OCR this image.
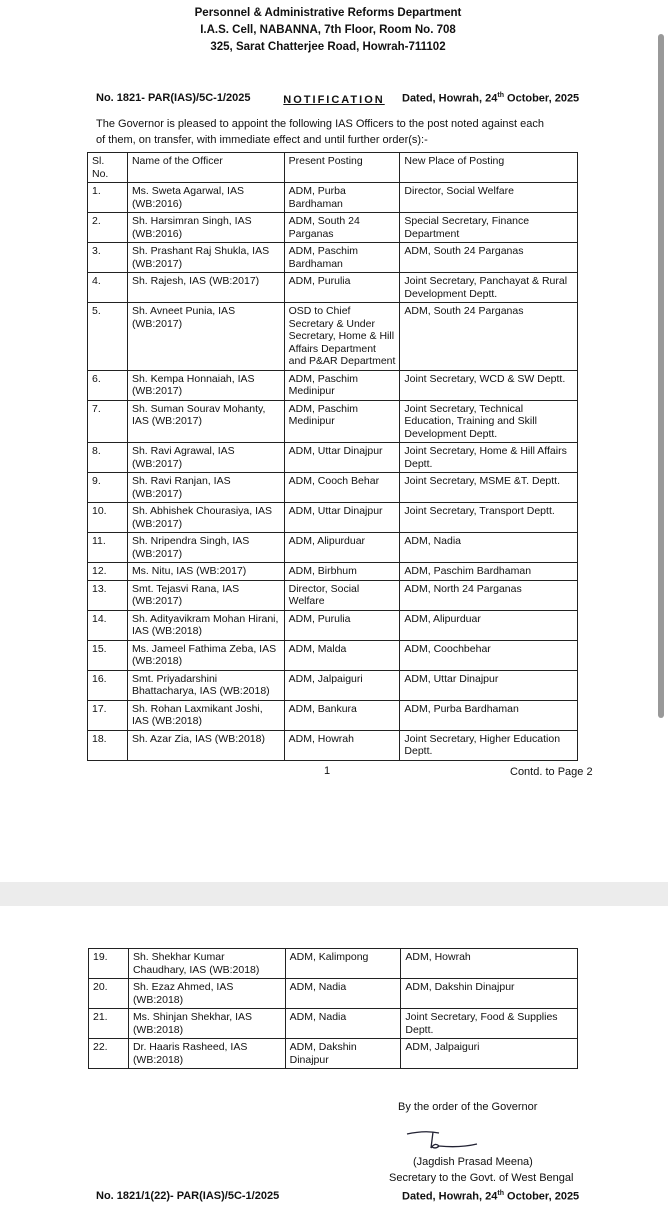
Personnel & Administrative Reforms Department
I.A.S. Cell, NABANNA, 7th Floor, Room No. 708
325, Sarat Chatterjee Road, Howrah-711102
No. 1821- PAR(IAS)/5C-1/2025	Dated, Howrah, 24th October, 2025
NOTIFICATION
The Governor is pleased to appoint the following IAS Officers to the post noted against each of them, on transfer, with immediate effect and until further order(s):-
Sl. No.	Name of the Officer	Present Posting	New Place of Posting
1.	Ms. Sweta Agarwal, IAS (WB:2016)	ADM, Purba Bardhaman	Director, Social Welfare
2.	Sh. Harsimran Singh, IAS (WB:2016)	ADM, South 24 Parganas	Special Secretary, Finance Department
3.	Sh. Prashant Raj Shukla, IAS (WB:2017)	ADM, Paschim Bardhaman	ADM, South 24 Parganas
4.	Sh. Rajesh, IAS (WB:2017)	ADM, Purulia	Joint Secretary, Panchayat & Rural Development Deptt.
5.	Sh. Avneet Punia, IAS (WB:2017)	OSD to Chief Secretary & Under Secretary, Home & Hill Affairs Department and P&AR Department	ADM, South 24 Parganas
6.	Sh. Kempa Honnaiah, IAS (WB:2017)	ADM, Paschim Medinipur	Joint Secretary, WCD & SW Deptt.
7.	Sh. Suman Sourav Mohanty, IAS (WB:2017)	ADM, Paschim Medinipur	Joint Secretary, Technical Education, Training and Skill Development Deptt.
8.	Sh. Ravi Agrawal, IAS (WB:2017)	ADM, Uttar Dinajpur	Joint Secretary, Home & Hill Affairs Deptt.
9.	Sh. Ravi Ranjan, IAS (WB:2017)	ADM, Cooch Behar	Joint Secretary, MSME &T. Deptt.
10.	Sh. Abhishek Chourasiya, IAS (WB:2017)	ADM, Uttar Dinajpur	Joint Secretary, Transport Deptt.
11.	Sh. Nripendra Singh, IAS (WB:2017)	ADM, Alipurduar	ADM, Nadia
12.	Ms. Nitu, IAS (WB:2017)	ADM, Birbhum	ADM, Paschim Bardhaman
13.	Smt. Tejasvi Rana, IAS (WB:2017)	Director, Social Welfare	ADM, North 24 Parganas
14.	Sh. Adityavikram Mohan Hirani, IAS (WB:2018)	ADM, Purulia	ADM, Alipurduar
15.	Ms. Jameel Fathima Zeba, IAS (WB:2018)	ADM, Malda	ADM, Coochbehar
16.	Smt. Priyadarshini Bhattacharya, IAS (WB:2018)	ADM, Jalpaiguri	ADM, Uttar Dinajpur
17.	Sh. Rohan Laxmikant Joshi, IAS (WB:2018)	ADM, Bankura	ADM, Purba Bardhaman
18.	Sh. Azar Zia, IAS (WB:2018)	ADM, Howrah	Joint Secretary, Higher Education Deptt.
1	Contd. to Page 2
19.	Sh. Shekhar Kumar Chaudhary, IAS (WB:2018)	ADM, Kalimpong	ADM, Howrah
20.	Sh. Ezaz Ahmed, IAS (WB:2018)	ADM, Nadia	ADM, Dakshin Dinajpur
21.	Ms. Shinjan Shekhar, IAS (WB:2018)	ADM, Nadia	Joint Secretary, Food & Supplies Deptt.
22.	Dr. Haaris Rasheed, IAS (WB:2018)	ADM, Dakshin Dinajpur	ADM, Jalpaiguri
By the order of the Governor
(Jagdish Prasad Meena)
Secretary to the Govt. of West Bengal
No. 1821/1(22)- PAR(IAS)/5C-1/2025	Dated, Howrah, 24th October, 2025
